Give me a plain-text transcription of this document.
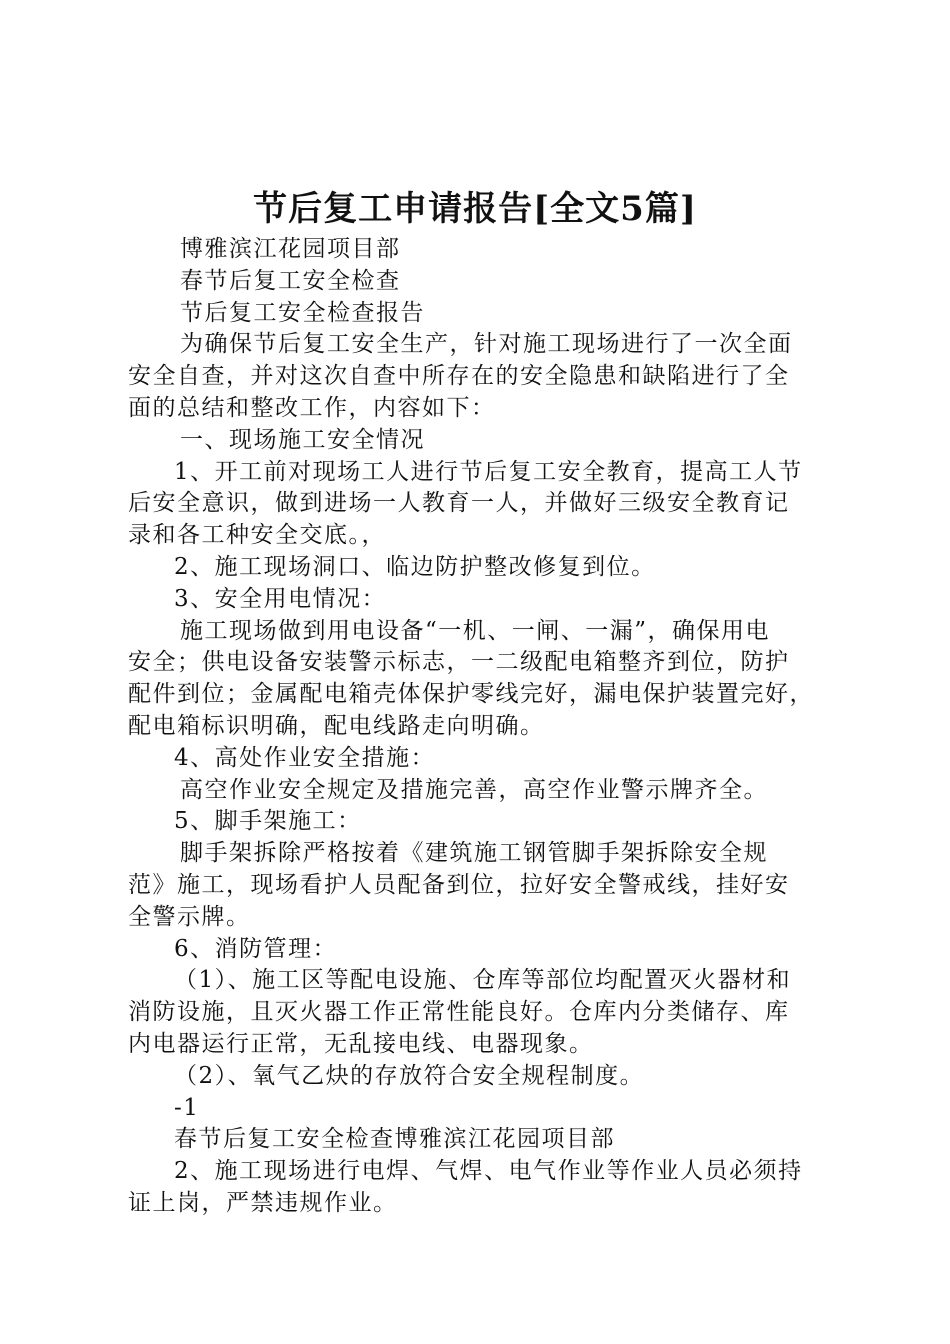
节后复工申请报告[全文5篇]
博雅滨江花园项目部
春节后复工安全检查
节后复工安全检查报告
为确保节后复工安全生产，针对施工现场进行了一次全面
安全自查，并对这次自查中所存在的安全隐患和缺陷进行了全
面的总结和整改工作，内容如下：
一、现场施工安全情况
1、开工前对现场工人进行节后复工安全教育，提高工人节
后安全意识，做到进场一人教育一人，并做好三级安全教育记
录和各工种安全交底。，
2、施工现场洞口、临边防护整改修复到位。
3、安全用电情况：
施工现场做到用电设备“一机、一闸、一漏”，确保用电
安全；供电设备安装警示标志，一二级配电箱整齐到位，防护
配件到位；金属配电箱壳体保护零线完好，漏电保护装置完好，
配电箱标识明确，配电线路走向明确。
4、高处作业安全措施：
高空作业安全规定及措施完善，高空作业警示牌齐全。
5、脚手架施工：
脚手架拆除严格按着《建筑施工钢管脚手架拆除安全规
范》施工，现场看护人员配备到位，拉好安全警戒线，挂好安
全警示牌。
6、消防管理：
（1）、施工区等配电设施、仓库等部位均配置灭火器材和
消防设施，且灭火器工作正常性能良好。仓库内分类储存、库
内电器运行正常，无乱接电线、电器现象。
（2）、氧气乙炔的存放符合安全规程制度。
-1
春节后复工安全检查博雅滨江花园项目部
2、施工现场进行电焊、气焊、电气作业等作业人员必须持
证上岗，严禁违规作业。
